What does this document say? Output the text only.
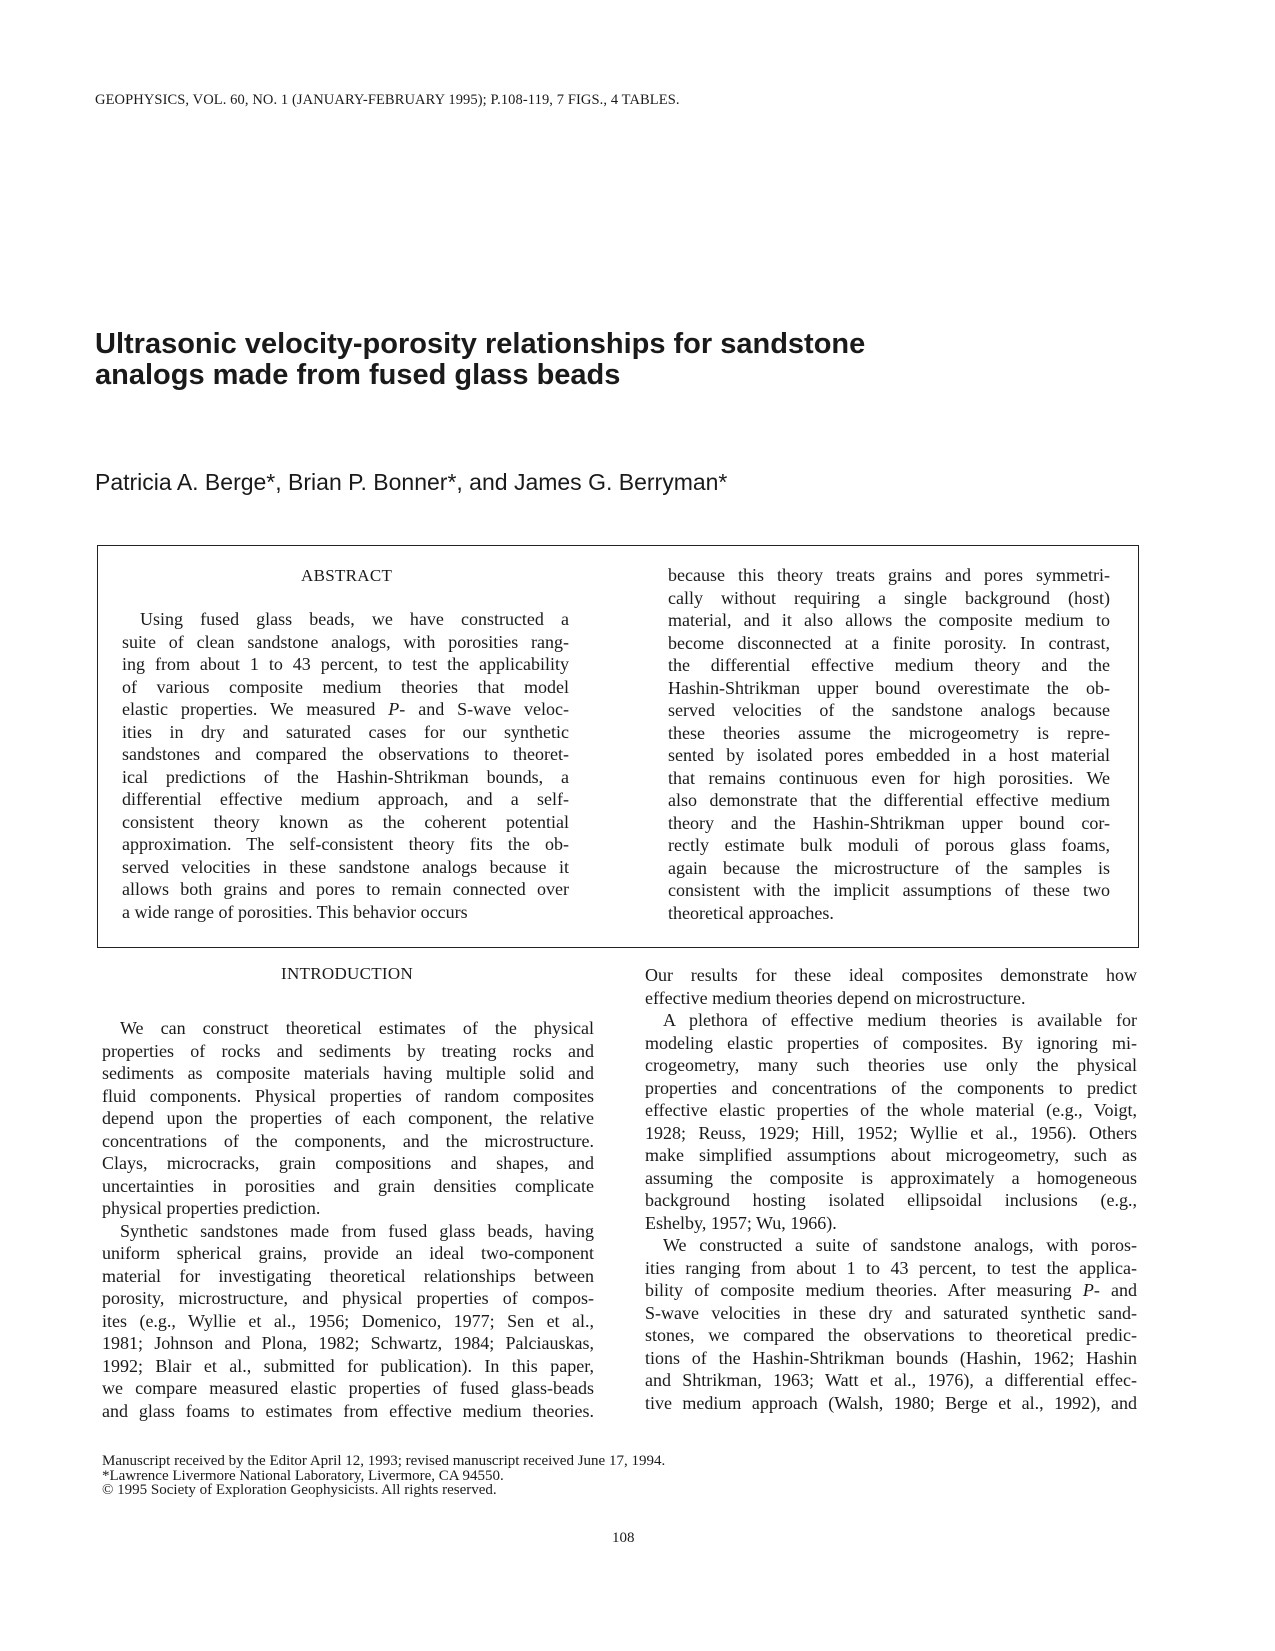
GEOPHYSICS, VOL. 60, NO. 1 (JANUARY-FEBRUARY 1995); P.108-119, 7 FIGS., 4 TABLES.
Ultrasonic velocity-porosity relationships for sandstone
analogs made from fused glass beads
Patricia A. Berge*, Brian P. Bonner*, and James G. Berryman*
ABSTRACT
Using fused glass beads, we have constructed a
suite of clean sandstone analogs, with porosities rang-
ing from about 1 to 43 percent, to test the applicability
of various composite medium theories that model
elastic properties. We measured P- and S-wave veloc-
ities in dry and saturated cases for our synthetic
sandstones and compared the observations to theoret-
ical predictions of the Hashin-Shtrikman bounds, a
differential effective medium approach, and a self-
consistent theory known as the coherent potential
approximation. The self-consistent theory fits the ob-
served velocities in these sandstone analogs because it
allows both grains and pores to remain connected over
a wide range of porosities. This behavior occurs
because this theory treats grains and pores symmetri-
cally without requiring a single background (host)
material, and it also allows the composite medium to
become disconnected at a finite porosity. In contrast,
the differential effective medium theory and the
Hashin-Shtrikman upper bound overestimate the ob-
served velocities of the sandstone analogs because
these theories assume the microgeometry is repre-
sented by isolated pores embedded in a host material
that remains continuous even for high porosities. We
also demonstrate that the differential effective medium
theory and the Hashin-Shtrikman upper bound cor-
rectly estimate bulk moduli of porous glass foams,
again because the microstructure of the samples is
consistent with the implicit assumptions of these two
theoretical approaches.
INTRODUCTION
We can construct theoretical estimates of the physical
properties of rocks and sediments by treating rocks and
sediments as composite materials having multiple solid and
fluid components. Physical properties of random composites
depend upon the properties of each component, the relative
concentrations of the components, and the microstructure.
Clays, microcracks, grain compositions and shapes, and
uncertainties in porosities and grain densities complicate
physical properties prediction.
Synthetic sandstones made from fused glass beads, having
uniform spherical grains, provide an ideal two-component
material for investigating theoretical relationships between
porosity, microstructure, and physical properties of compos-
ites (e.g., Wyllie et al., 1956; Domenico, 1977; Sen et al.,
1981; Johnson and Plona, 1982; Schwartz, 1984; Palciauskas,
1992; Blair et al., submitted for publication). In this paper,
we compare measured elastic properties of fused glass-beads
and glass foams to estimates from effective medium theories.
Our results for these ideal composites demonstrate how
effective medium theories depend on microstructure.
A plethora of effective medium theories is available for
modeling elastic properties of composites. By ignoring mi-
crogeometry, many such theories use only the physical
properties and concentrations of the components to predict
effective elastic properties of the whole material (e.g., Voigt,
1928; Reuss, 1929; Hill, 1952; Wyllie et al., 1956). Others
make simplified assumptions about microgeometry, such as
assuming the composite is approximately a homogeneous
background hosting isolated ellipsoidal inclusions (e.g.,
Eshelby, 1957; Wu, 1966).
We constructed a suite of sandstone analogs, with poros-
ities ranging from about 1 to 43 percent, to test the applica-
bility of composite medium theories. After measuring P- and
S-wave velocities in these dry and saturated synthetic sand-
stones, we compared the observations to theoretical predic-
tions of the Hashin-Shtrikman bounds (Hashin, 1962; Hashin
and Shtrikman, 1963; Watt et al., 1976), a differential effec-
tive medium approach (Walsh, 1980; Berge et al., 1992), and
Manuscript received by the Editor April 12, 1993; revised manuscript received June 17, 1994.
*Lawrence Livermore National Laboratory, Livermore, CA 94550.
© 1995 Society of Exploration Geophysicists. All rights reserved.
108
